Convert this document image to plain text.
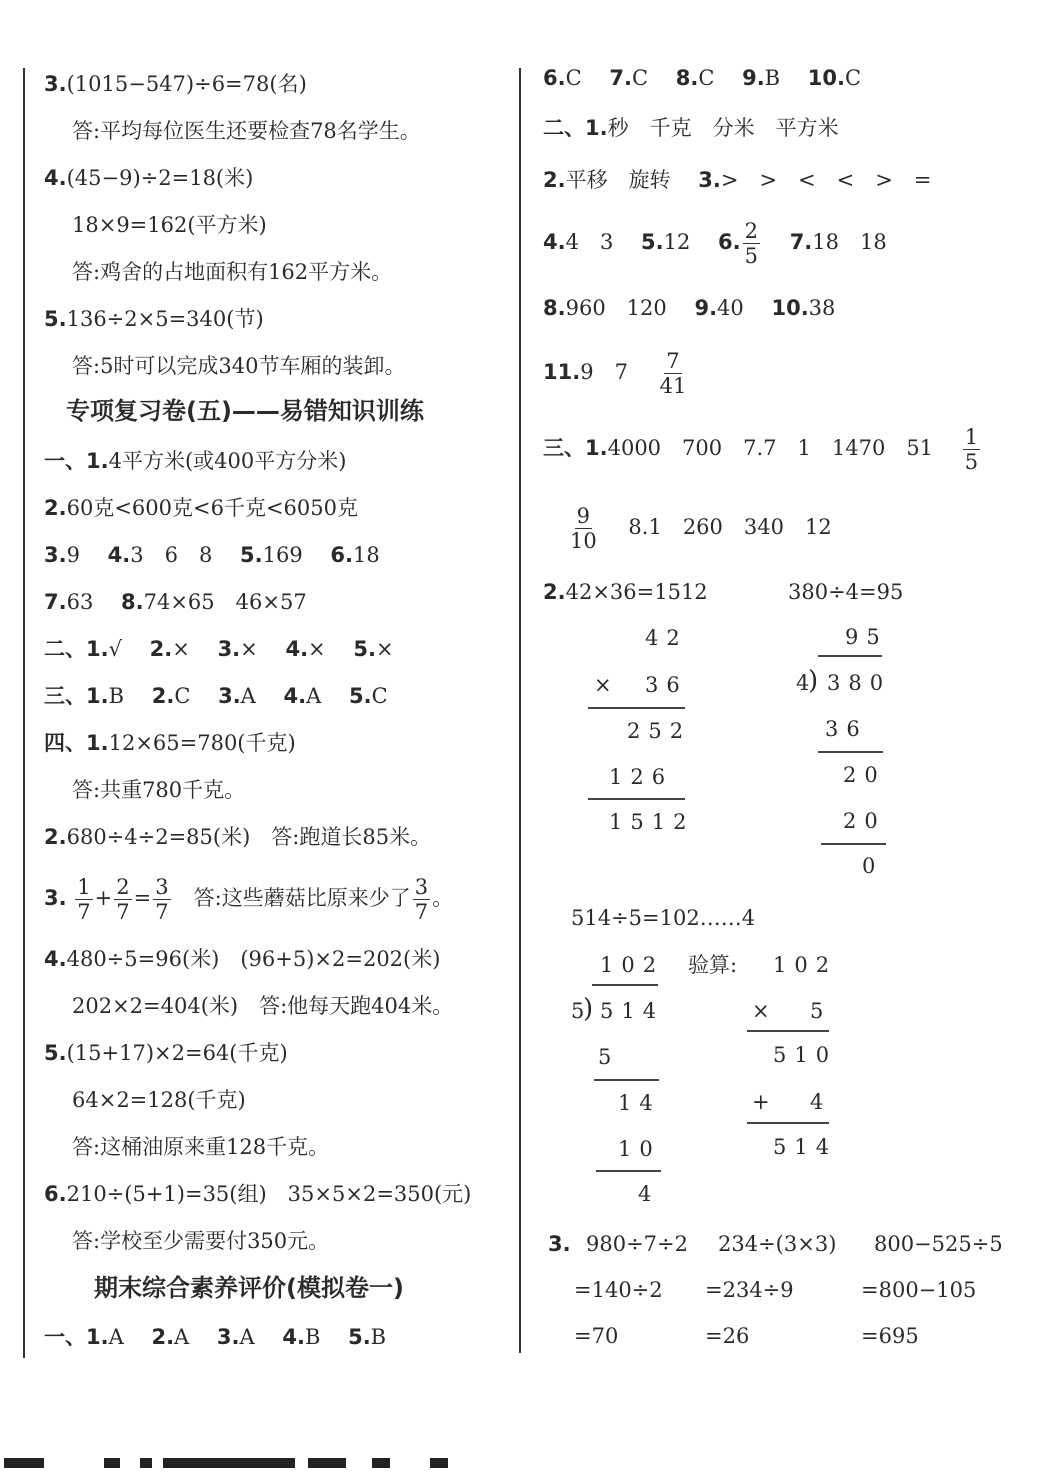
3.(1015−547)÷6=78(名)
答:平均每位医生还要检查78名学生。
4.(45−9)÷2=18(米)
18×9=162(平方米)
答:鸡舍的占地面积有162平方米。
5.136÷2×5=340(节)
答:5时可以完成340节车厢的装卸。
专项复习卷(五)——易错知识训练
一、1.4平方米(或400平方分米)
2.60克<600克<6千克<6050克
3.9　 4.3　6　8　 5.169　 6.18
7.63　 8.74×65　46×57
二、1.√　 2.×　 3.×　 4.×　 5.×
三、1.B　 2.C　 3.A　 4.A　 5.C
四、1.12×65=780(千克)
答:共重780千克。
2.680÷4÷2=85(米)　答:跑道长85米。
3. $\frac{1}{7} + \frac{2}{7} = \frac{3}{7}$
　 答:这些蘑菇比原来少了 $\frac{3}{7}$ 。
4.480÷5=96(米)　(96+5)×2=202(米)
202×2=404(米)　答:他每天跑404米。
5.(15+17)×2=64(千克)
64×2=128(千克)
答:这桶油原来重128千克。
6.210÷(5+1)=35(组)　35×5×2=350(元)
答:学校至少需要付350元。
期末综合素养评价(模拟卷一)
一、1.A　 2.A　 3.A　 4.B　 5.B
6.C　 7.C　 8.C　 9.B　 10.C
二、1.秒　千克　分米　平方米
2.平移　旋转　 3.>　>　<　<　>　=
4.4　3　 5.12　 6. $\frac{2}{5}$
　 7.18　18
8.960　120　 9.40　 10.38
11.9　7　 $\frac{7}{41}$
三、1.4000　700　7.7　1　1470　51　 $\frac{1}{5}$
$\frac{9}{10}$
　 8.1　260　340　12
2.42×36=1512	380÷4=95
42
× 36
252
126
1512
95
4
) 380
36
20
20
0
514÷5=102……4
102
5
) 514
5
14
10
4
验算: 102
× 5
510
+ 4
514
3. 980÷7÷2 234÷(3×3) 800−525÷5
=140÷2 =234÷9	=800−105
=70	=26	=695
